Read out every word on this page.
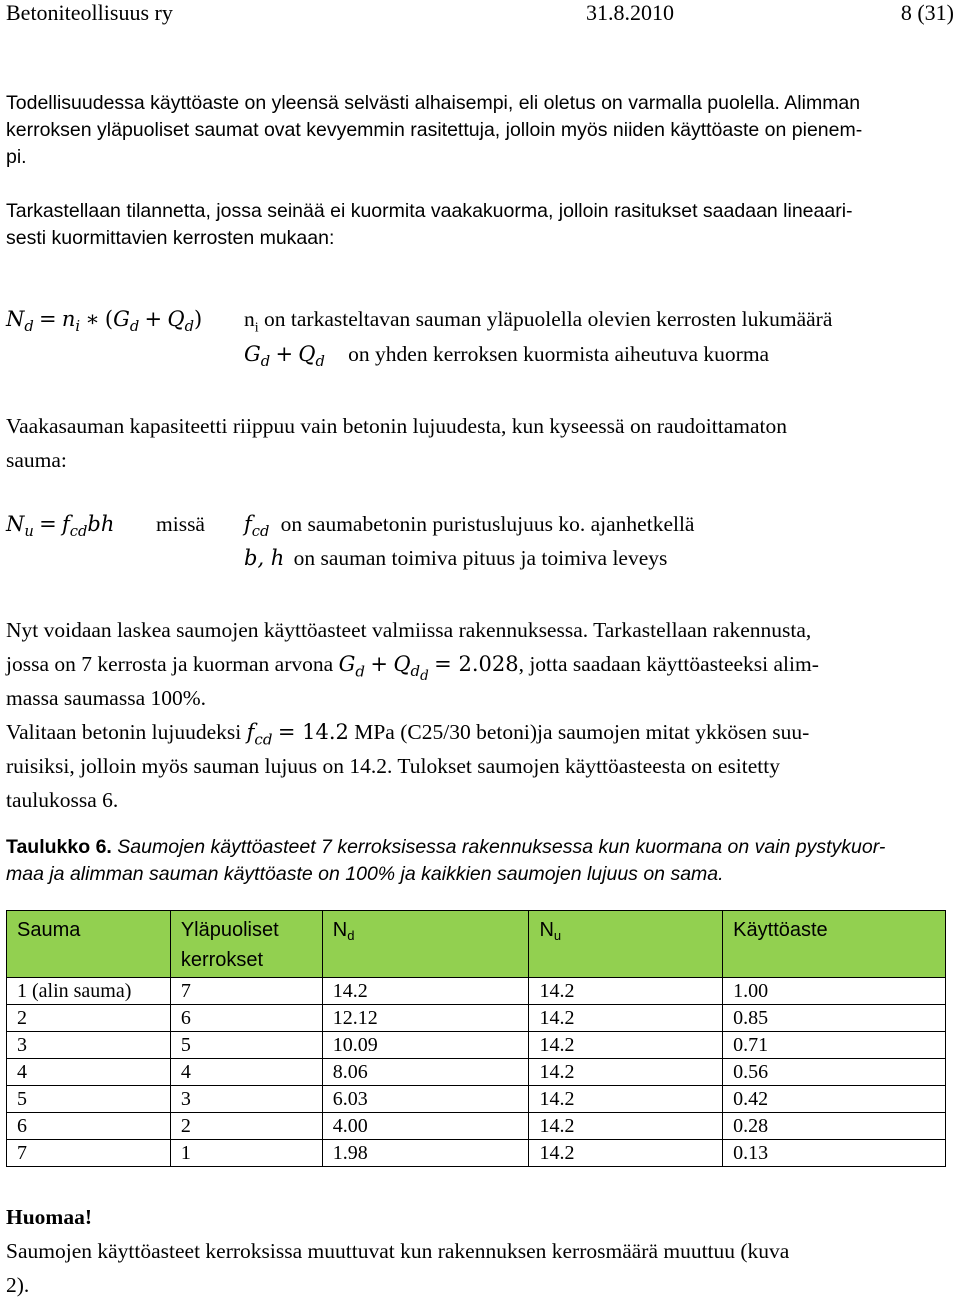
Betoniteollisuus ry	31.8.2010	8 (31)
Todellisuudessa käyttöaste on yleensä selvästi alhaisempi, eli oletus on varmalla puolella. Alimman
kerroksen yläpuoliset saumat ovat kevyemmin rasitettuja, jolloin myös niiden käyttöaste on pienem-
pi.
Tarkastellaan tilannetta, jossa seinää ei kuormita vaakakuorma, jolloin rasitukset saadaan lineaari-
sesti kuormittavien kerrosten mukaan:
$N_d = n_i$ ∗ $(G_d + Q_d)$ $n_i$ on tarkasteltavan sauman yläpuolella olevien kerrosten lukumäärä
$G_d + Q_d$ on yhden kerroksen kuormista aiheutuva kuorma
Vaakasauman kapasiteetti riippuu vain betonin lujuudesta, kun kyseessä on raudoittamaton
sauma:
$N_u = f_{cd}bh$ missä $f_{cd}$ on saumabetonin puristuslujuus ko. ajanhetkellä
b, h on sauman toimiva pituus ja toimiva leveys
Nyt voidaan laskea saumojen käyttöasteet valmiissa rakennuksessa. Tarkastellaan rakennusta,
jossa on 7 kerrosta ja kuorman arvona $G_d + Q_{d_d} = 2.028$, jotta saadaan käyttöasteeksi alim-
massa saumassa 100%.
Valitaan betonin lujuudeksi $f_{cd} = 14.2$ MPa (C25/30 betoni)ja saumojen mitat ykkösen suu-
ruisiksi, jolloin myös sauman lujuus on 14.2. Tulokset saumojen käyttöasteesta on esitetty
taulukossa 6.
Taulukko 6. Saumojen käyttöasteet 7 kerroksisessa rakennuksessa kun kuormana on vain pystykuor-
maa ja alimman sauman käyttöaste on 100% ja kaikkien saumojen lujuus on sama.
Sauma	Yläpuoliset
kerrokset	$N_d$	$N_u$	Käyttöaste
1 (alin sauma)	7	14.2	14.2	1.00
2	6	12.12	14.2	0.85
3	5	10.09	14.2	0.71
4	4	8.06	14.2	0.56
5	3	6.03	14.2	0.42
6	2	4.00	14.2	0.28
7	1	1.98	14.2	0.13
Huomaa!
Saumojen käyttöasteet kerroksissa muuttuvat kun rakennuksen kerrosmäärä muuttuu (kuva
2).
